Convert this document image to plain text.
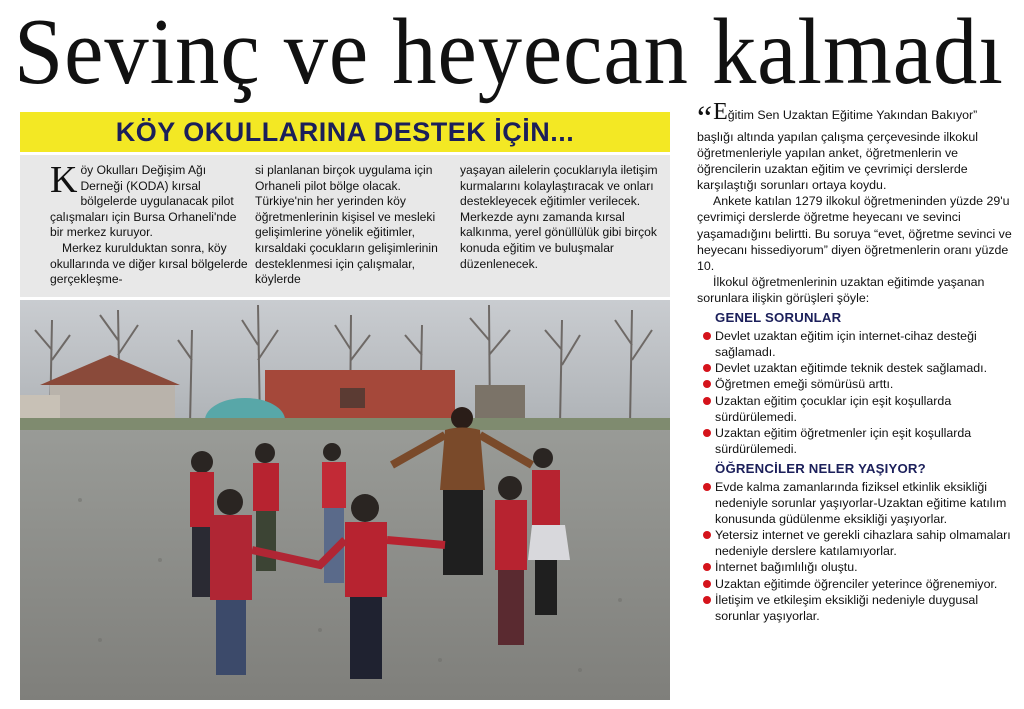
Sevinç ve heyecan kalmadı
KÖY OKULLARINA DESTEK İÇİN...

Köy Okulları Değişim Ağı Derneği (KODA) kırsal bölgelerde uygulanacak pilot çalışmaları için Bursa Orhaneli'nde bir merkez kuruyor.

Merkez kurulduktan sonra, köy okullarında ve diğer kırsal bölgelerde gerçekleşme-

si planlanan birçok uygulama için Orhaneli pilot bölge olacak. Türkiye'nin her yerinden köy öğretmenlerinin kişisel ve mesleki gelişimlerine yönelik eğitimler, kırsaldaki çocukların gelişimlerinin desteklenmesi için çalışmalar, köylerde

yaşayan ailelerin çocuklarıyla iletişim kurmalarını kolaylaştıracak ve onları destekleyecek eğitimler verilecek. Merkezde aynı zamanda kırsal kalkınma, yerel gönüllülük gibi birçok konuda eğitim ve buluşmalar düzenlenecek.

“Eğitim Sen Uzaktan Eğitime Yakından Bakıyor” başlığı altında yapılan çalışma çerçevesinde ilkokul öğretmenleriyle yapılan anket, öğretmenlerin ve öğrencilerin uzaktan eğitim ve çevrimiçi derslerde karşılaştığı sorunları ortaya koydu.

Ankete katılan 1279 ilkokul öğretmeninden yüzde 29'u çevrimiçi derslerde öğretme heyecanı ve sevinci yaşamadığını belirtti. Bu soruya “evet, öğretme sevinci ve heyecanı hissediyorum” diyen öğretmenlerin oranı yüzde 10.

İlkokul öğretmenlerinin uzaktan eğitimde yaşanan sorunlara ilişkin görüşleri şöyle:

GENEL SORUNLAR

Devlet uzaktan eğitim için internet-cihaz desteği sağlamadı.

Devlet uzaktan eğitimde teknik destek sağlamadı.

Öğretmen emeği sömürüsü arttı.

Uzaktan eğitim çocuklar için eşit koşullarda sürdürülemedi.

Uzaktan eğitim öğretmenler için eşit koşullarda sürdürülemedi.

ÖĞRENCİLER NELER YAŞIYOR?

Evde kalma zamanlarında fiziksel etkinlik eksikliği nedeniyle sorunlar yaşıyorlar-Uzaktan eğitime katılım konusunda güdülenme eksikliği yaşıyorlar.

Yetersiz internet ve gerekli cihazlara sahip olmamaları nedeniyle derslere katılamıyorlar.

İnternet bağımlılığı oluştu.

Uzaktan eğitimde öğrenciler yeterince öğrenemiyor.

İletişim ve etkileşim eksikliği nedeniyle duygusal sorunlar yaşıyorlar.
